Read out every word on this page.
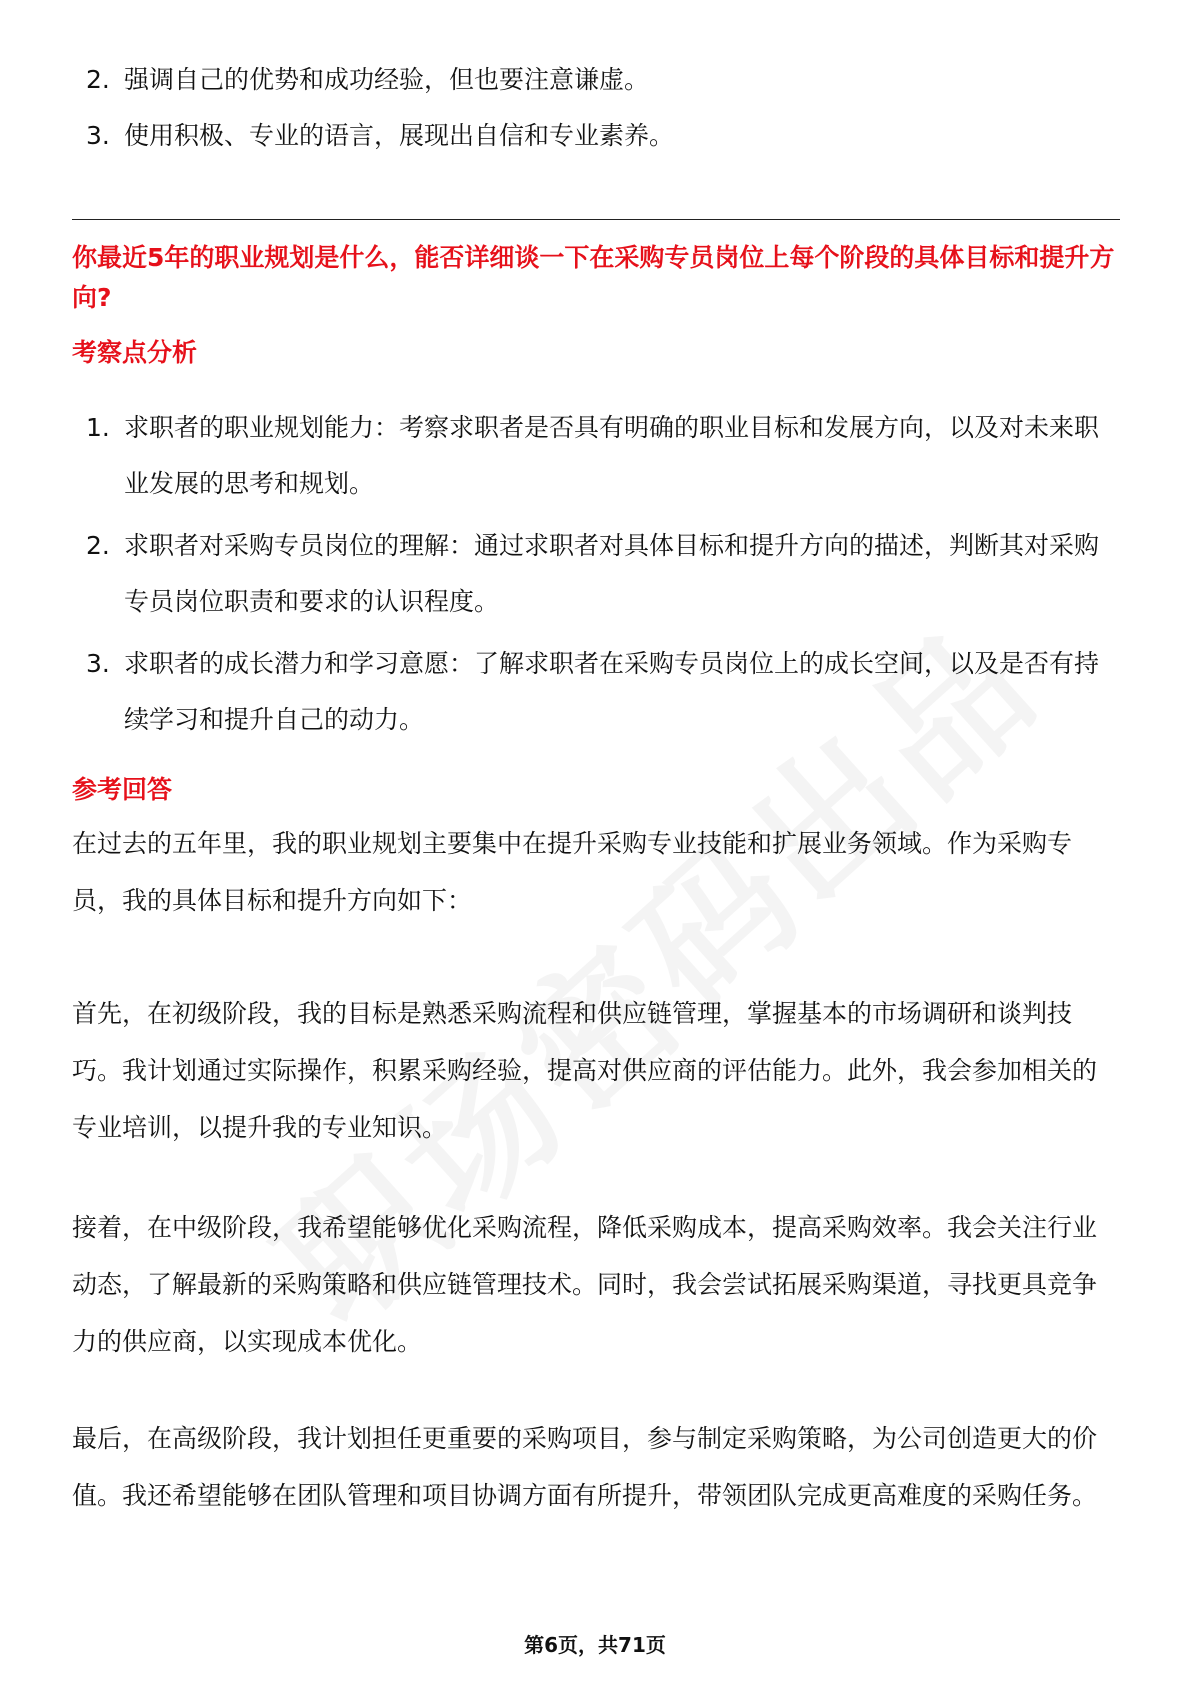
2. 强调自己的优势和成功经验，但也要注意谦虚。
3. 使用积极、专业的语言，展现出自信和专业素养。

你最近5年的职业规划是什么，能否详细谈一下在采购专员岗位上每个阶段的具体目标和提升方向?

考察点分析

1. 求职者的职业规划能力：考察求职者是否具有明确的职业目标和发展方向，以及对未来职业发展的思考和规划。
2. 求职者对采购专员岗位的理解：通过求职者对具体目标和提升方向的描述，判断其对采购专员岗位职责和要求的认识程度。
3. 求职者的成长潜力和学习意愿：了解求职者在采购专员岗位上的成长空间，以及是否有持续学习和提升自己的动力。

参考回答

在过去的五年里，我的职业规划主要集中在提升采购专业技能和扩展业务领域。作为采购专员，我的具体目标和提升方向如下：

首先，在初级阶段，我的目标是熟悉采购流程和供应链管理，掌握基本的市场调研和谈判技巧。我计划通过实际操作，积累采购经验，提高对供应商的评估能力。此外，我会参加相关的专业培训，以提升我的专业知识。

接着，在中级阶段，我希望能够优化采购流程，降低采购成本，提高采购效率。我会关注行业动态，了解最新的采购策略和供应链管理技术。同时，我会尝试拓展采购渠道，寻找更具竞争力的供应商，以实现成本优化。

最后，在高级阶段，我计划担任更重要的采购项目，参与制定采购策略，为公司创造更大的价值。我还希望能够在团队管理和项目协调方面有所提升，带领团队完成更高难度的采购任务。

第6页，共71页
